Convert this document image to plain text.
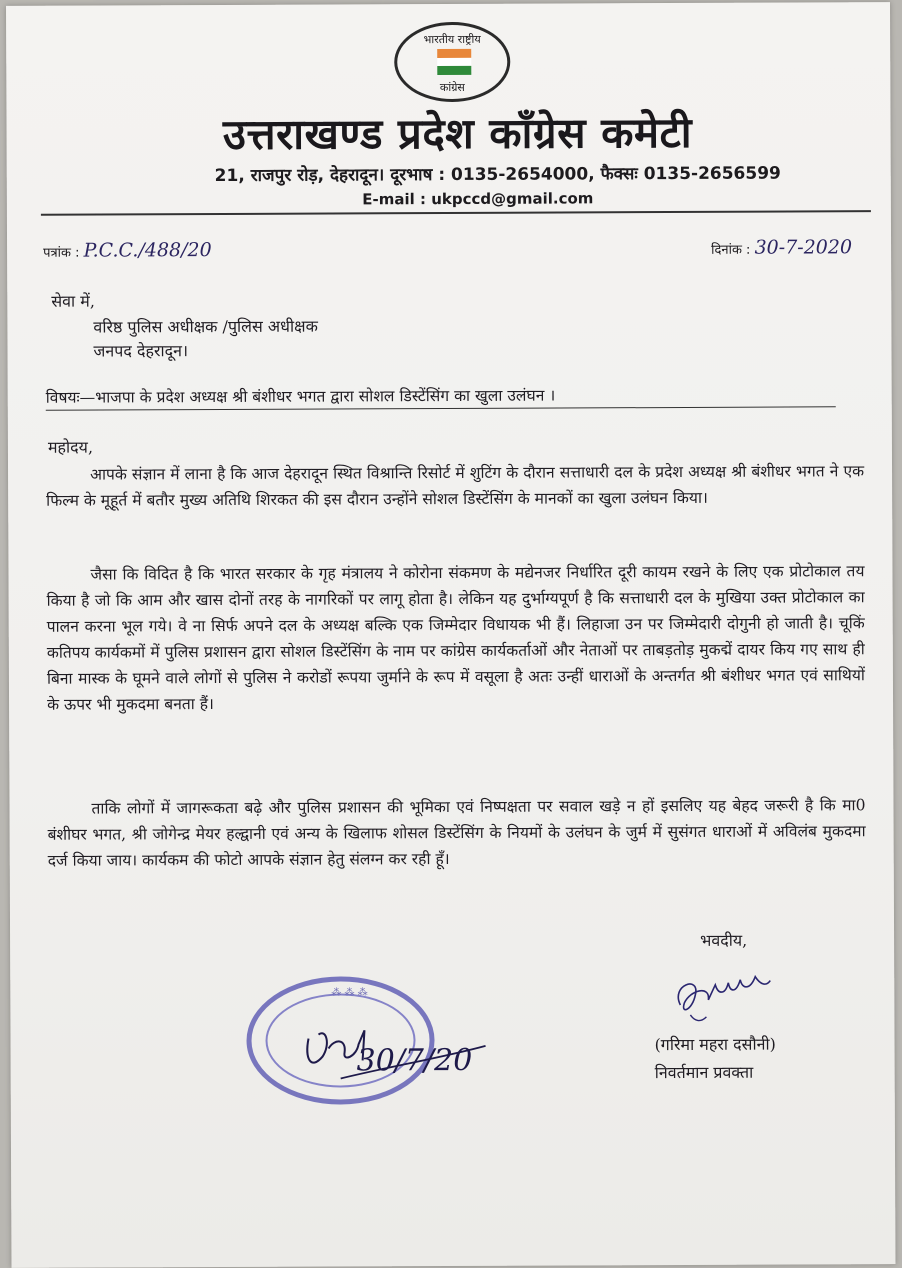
भारतीय राष्ट्रीय
कांग्रेस
उत्तराखण्ड प्रदेश काँग्रेस कमेटी
21, राजपुर रोड़, देहरादून। दूरभाष : 0135-2654000, फैक्सः 0135-2656599
E-mail : ukpccd@gmail.com
पत्रांक : P.C.C./488/20	दिनांक : 30-7-2020
सेवा में,
वरिष्ठ पुलिस अधीक्षक /पुलिस अधीक्षक
जनपद देहरादून।
विषयः—भाजपा के प्रदेश अध्यक्ष श्री बंशीधर भगत द्वारा सोशल डिस्टेंसिंग का खुला उलंघन ।
महोदय,
आपके संज्ञान में लाना है कि आज देहरादून स्थित विश्रान्ति रिसोर्ट में शुटिंग के दौरान सत्ताधारी दल के प्रदेश अध्यक्ष श्री बंशीधर भगत ने एक फिल्म के मूहूर्त में बतौर मुख्य अतिथि शिरकत की इस दौरान उन्होंने सोशल डिस्टेंसिंग के मानकों का खुला उलंघन किया।
जैसा कि विदित है कि भारत सरकार के गृह मंत्रालय ने कोरोना संकमण के मद्येनजर निर्धारित दूरी कायम रखने के लिए एक प्रोटोकाल तय किया है जो कि आम और खास दोनों तरह के नागरिकों पर लागू होता है। लेकिन यह दुर्भाग्यपूर्ण है कि सत्ताधारी दल के मुखिया उक्त प्रोटोकाल का पालन करना भूल गये। वे ना सिर्फ अपने दल के अध्यक्ष बल्कि एक जिम्मेदार विधायक भी हैं। लिहाजा उन पर जिम्मेदारी दोगुनी हो जाती है। चूकिं कतिपय कार्यकमों में पुलिस प्रशासन द्वारा सोशल डिस्टेंसिंग के नाम पर कांग्रेस कार्यकर्ताओं और नेताओं पर ताबड़तोड़ मुकद्में दायर किय गए साथ ही बिना मास्क के घूमने वाले लोगों से पुलिस ने करोडों रूपया जुर्माने के रूप में वसूला है अतः उन्हीं धाराओं के अन्तर्गत श्री बंशीधर भगत एवं साथियों के ऊपर भी मुकदमा बनता हैं।
ताकि लोगों में जागरूकता बढ़े और पुलिस प्रशासन की भूमिका एवं निष्पक्षता पर सवाल खड़े न हों इसलिए यह बेहद जरूरी है कि मा0 बंशीघर भगत, श्री जोगेन्द्र मेयर हल्द्वानी एवं अन्य के खिलाफ शोसल डिस्टेंसिंग के नियमों के उलंघन के जुर्म में सुसंगत धाराओं में अविलंब मुकदमा दर्ज किया जाय। कार्यकम की फोटो आपके संज्ञान हेतु संलग्न कर रही हूँ।
भवदीय,
(गरिमा महरा दसौनी)
निवर्तमान प्रवक्ता
⁂ ⁂ ⁂
30/7/20
